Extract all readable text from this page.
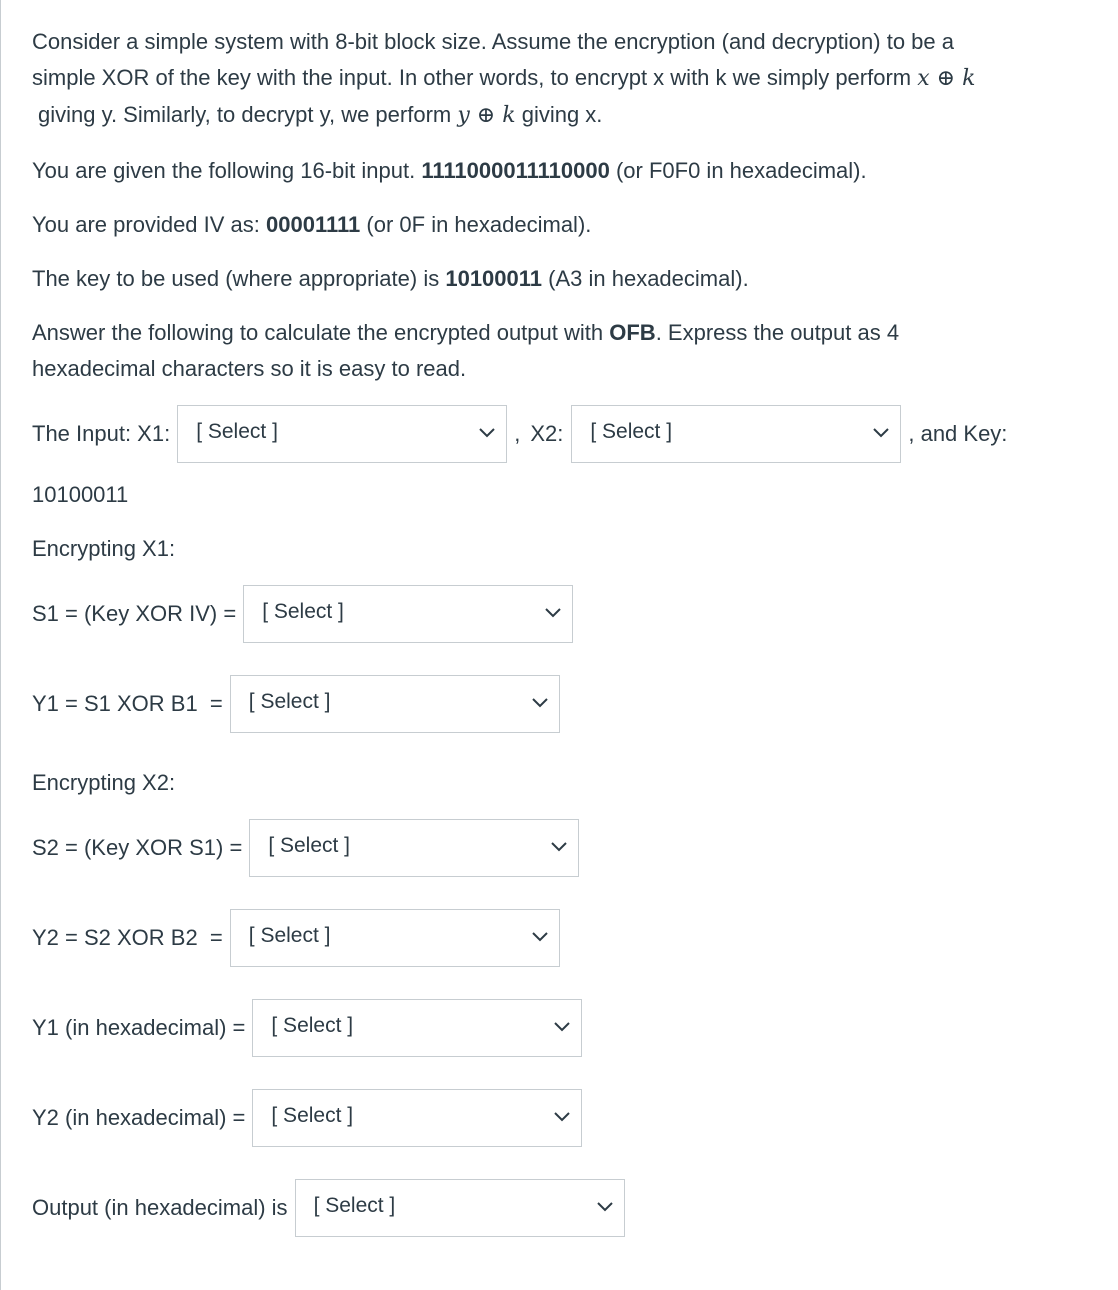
Consider a simple system with 8-bit block size. Assume the encryption (and decryption) to be a
simple XOR of the key with the input. In other words, to encrypt x with k we simply perform x ⊕ k
giving y. Similarly, to decrypt y, we perform y ⊕ k giving x.
You are given the following 16-bit input. 1111000011110000 (or F0F0 in hexadecimal).
You are provided IV as: 00001111 (or 0F in hexadecimal).
The key to be used (where appropriate) is 10100011 (A3 in hexadecimal).
Answer the following to calculate the encrypted output with OFB. Express the output as 4
hexadecimal characters so it is easy to read.
The Input: X1: [ Select ]	, X2: [ Select ]	, and Key:
10100011
Encrypting X1:
S1 = (Key XOR IV) = [ Select ]
Y1 = S1 XOR B1  = [ Select ]
Encrypting X2:
S2 = (Key XOR S1) = [ Select ]
Y2 = S2 XOR B2  = [ Select ]
Y1 (in hexadecimal) = [ Select ]
Y2 (in hexadecimal) = [ Select ]
Output (in hexadecimal) is [ Select ]
